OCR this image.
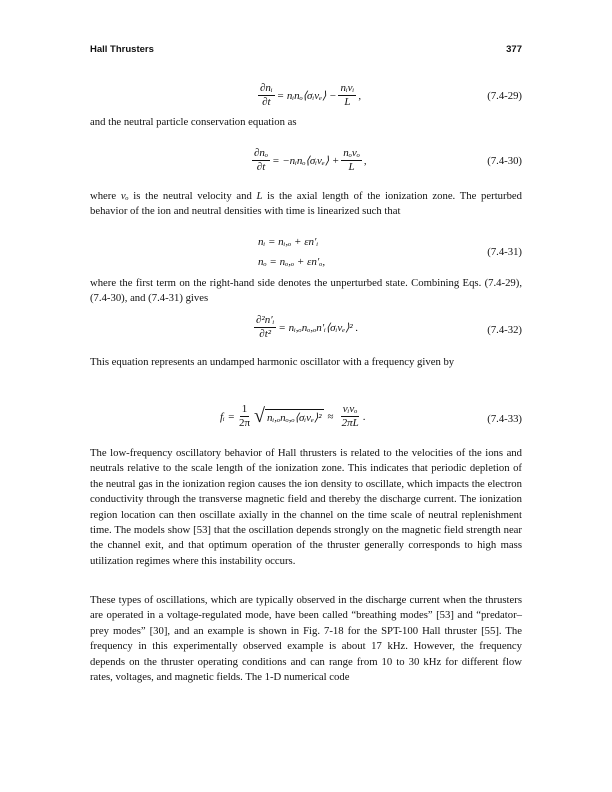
Hall Thrusters	377
$\frac{\text{∂nᵢ}}{\partial t}$ = nᵢnₒ⟨σᵢvₑ⟩ − $\frac{\text{nᵢvᵢ}}{L}$ ,	(7.4-29)
and the neutral particle conservation equation as
$\frac{\text{∂nₒ}}{\partial t}$ = −nᵢnₒ⟨σᵢvₑ⟩ + $\frac{\text{nₒvₒ}}{L}$ ,	(7.4-30)
where vₒ is the neutral velocity and L is the axial length of the ionization zone. The perturbed behavior of the ion and neutral densities with time is linearized such that
nᵢ = nᵢ,ₒ + εn′ᵢ
nₒ = nₒ,ₒ + εn′ₒ,
(7.4-31)
where the first term on the right-hand side denotes the unperturbed state. Combining Eqs. (7.4-29), (7.4-30), and (7.4-31) gives
$\frac{\text{∂²n′ᵢ}}{\text{∂t²}}$ = nᵢ,ₒnₒ,ₒn′ᵢ⟨σᵢvₑ⟩² .	(7.4-32)
This equation represents an undamped harmonic oscillator with a frequency given by
fᵢ = $\frac{1}{2\pi}$ √ nᵢ,ₒnₒ,ₒ⟨σᵢvₑ⟩² ≈ $\frac{\text{vᵢvₒ}}{2\pi L}$ .	(7.4-33)
The low-frequency oscillatory behavior of Hall thrusters is related to the velocities of the ions and neutrals relative to the scale length of the ionization zone. This indicates that periodic depletion of the neutral gas in the ionization region causes the ion density to oscillate, which impacts the electron conductivity through the transverse magnetic field and thereby the discharge current. The ionization region location can then oscillate axially in the channel on the time scale of neutral replenishment time. The models show [53] that the oscillation depends strongly on the magnetic field strength near the channel exit, and that optimum operation of the thruster generally corresponds to high mass utilization regimes where this instability occurs.
These types of oscillations, which are typically observed in the discharge current when the thrusters are operated in a voltage-regulated mode, have been called “breathing modes” [53] and “predator–prey modes” [30], and an example is shown in Fig. 7-18 for the SPT-100 Hall thruster [55]. The frequency in this experimentally observed example is about 17 kHz. However, the frequency depends on the thruster operating conditions and can range from 10 to 30 kHz for different flow rates, voltages, and magnetic fields. The 1-D numerical code
